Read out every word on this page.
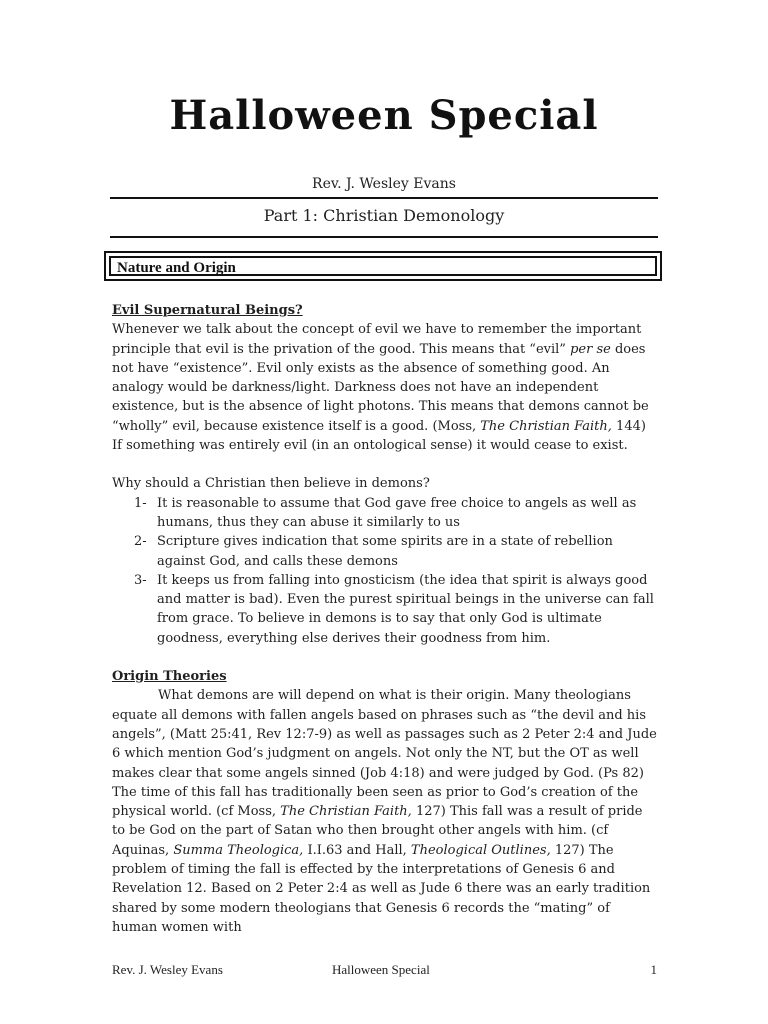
Halloween Special
Rev. J. Wesley Evans
Part 1: Christian Demonology
Nature and Origin

Evil Supernatural Beings?

Whenever we talk about the concept of evil we have to remember the important principle that evil is the privation of the good. This means that “evil” per se does not have “existence”. Evil only exists as the absence of something good. An analogy would be darkness/light. Darkness does not have an independent existence, but is the absence of light photons. This means that demons cannot be “wholly” evil, because existence itself is a good. (Moss, The Christian Faith, 144) If something was entirely evil (in an ontological sense) it would cease to exist.

Why should a Christian then believe in demons?

1- It is reasonable to assume that God gave free choice to angels as well as humans, thus they can abuse it similarly to us
2- Scripture gives indication that some spirits are in a state of rebellion against God, and calls these demons
3- It keeps us from falling into gnosticism (the idea that spirit is always good and matter is bad). Even the purest spiritual beings in the universe can fall from grace. To believe in demons is to say that only God is ultimate goodness, everything else derives their goodness from him.

Origin Theories

What demons are will depend on what is their origin. Many theologians equate all demons with fallen angels based on phrases such as “the devil and his angels”, (Matt 25:41, Rev 12:7-9) as well as passages such as 2 Peter 2:4 and Jude 6 which mention God’s judgment on angels. Not only the NT, but the OT as well makes clear that some angels sinned (Job 4:18) and were judged by God. (Ps 82) The time of this fall has traditionally been seen as prior to God’s creation of the physical world. (cf Moss, The Christian Faith, 127) This fall was a result of pride to be God on the part of Satan who then brought other angels with him. (cf Aquinas, Summa Theologica, I.I.63 and Hall, Theological Outlines, 127) The problem of timing the fall is effected by the interpretations of Genesis 6 and Revelation 12. Based on 2 Peter 2:4 as well as Jude 6 there was an early tradition shared by some modern theologians that Genesis 6 records the “mating” of human women with

Rev. J. Wesley Evans	Halloween Special	1
